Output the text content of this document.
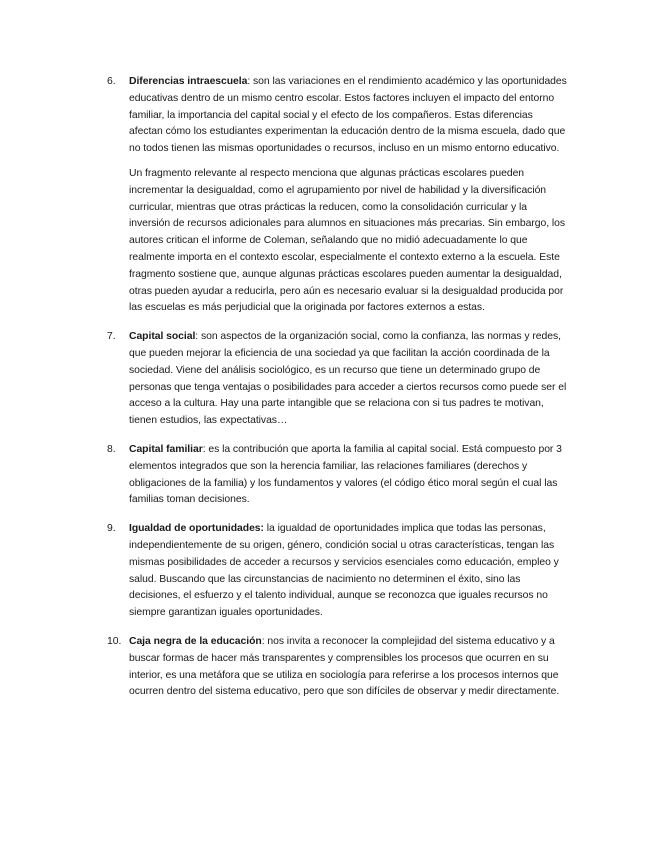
6. Diferencias intraescuela: son las variaciones en el rendimiento académico y las oportunidades educativas dentro de un mismo centro escolar. Estos factores incluyen el impacto del entorno familiar, la importancia del capital social y el efecto de los compañeros. Estas diferencias afectan cómo los estudiantes experimentan la educación dentro de la misma escuela, dado que no todos tienen las mismas oportunidades o recursos, incluso en un mismo entorno educativo.

Un fragmento relevante al respecto menciona que algunas prácticas escolares pueden incrementar la desigualdad, como el agrupamiento por nivel de habilidad y la diversificación curricular, mientras que otras prácticas la reducen, como la consolidación curricular y la inversión de recursos adicionales para alumnos en situaciones más precarias. Sin embargo, los autores critican el informe de Coleman, señalando que no midió adecuadamente lo que realmente importa en el contexto escolar, especialmente el contexto externo a la escuela. Este fragmento sostiene que, aunque algunas prácticas escolares pueden aumentar la desigualdad, otras pueden ayudar a reducirla, pero aún es necesario evaluar si la desigualdad producida por las escuelas es más perjudicial que la originada por factores externos a estas.

7. Capital social: son aspectos de la organización social, como la confianza, las normas y redes, que pueden mejorar la eficiencia de una sociedad ya que facilitan la acción coordinada de la sociedad. Viene del análisis sociológico, es un recurso que tiene un determinado grupo de personas que tenga ventajas o posibilidades para acceder a ciertos recursos como puede ser el acceso a la cultura. Hay una parte intangible que se relaciona con si tus padres te motivan, tienen estudios, las expectativas…

8. Capital familiar: es la contribución que aporta la familia al capital social. Está compuesto por 3 elementos integrados que son la herencia familiar, las relaciones familiares (derechos y obligaciones de la familia) y los fundamentos y valores (el código ético moral según el cual las familias toman decisiones.

9. Igualdad de oportunidades: la igualdad de oportunidades implica que todas las personas, independientemente de su origen, género, condición social u otras características, tengan las mismas posibilidades de acceder a recursos y servicios esenciales como educación, empleo y salud. Buscando que las circunstancias de nacimiento no determinen el éxito, sino las decisiones, el esfuerzo y el talento individual, aunque se reconozca que iguales recursos no siempre garantizan iguales oportunidades.

10. Caja negra de la educación: nos invita a reconocer la complejidad del sistema educativo y a buscar formas de hacer más transparentes y comprensibles los procesos que ocurren en su interior, es una metáfora que se utiliza en sociología para referirse a los procesos internos que ocurren dentro del sistema educativo, pero que son difíciles de observar y medir directamente.
